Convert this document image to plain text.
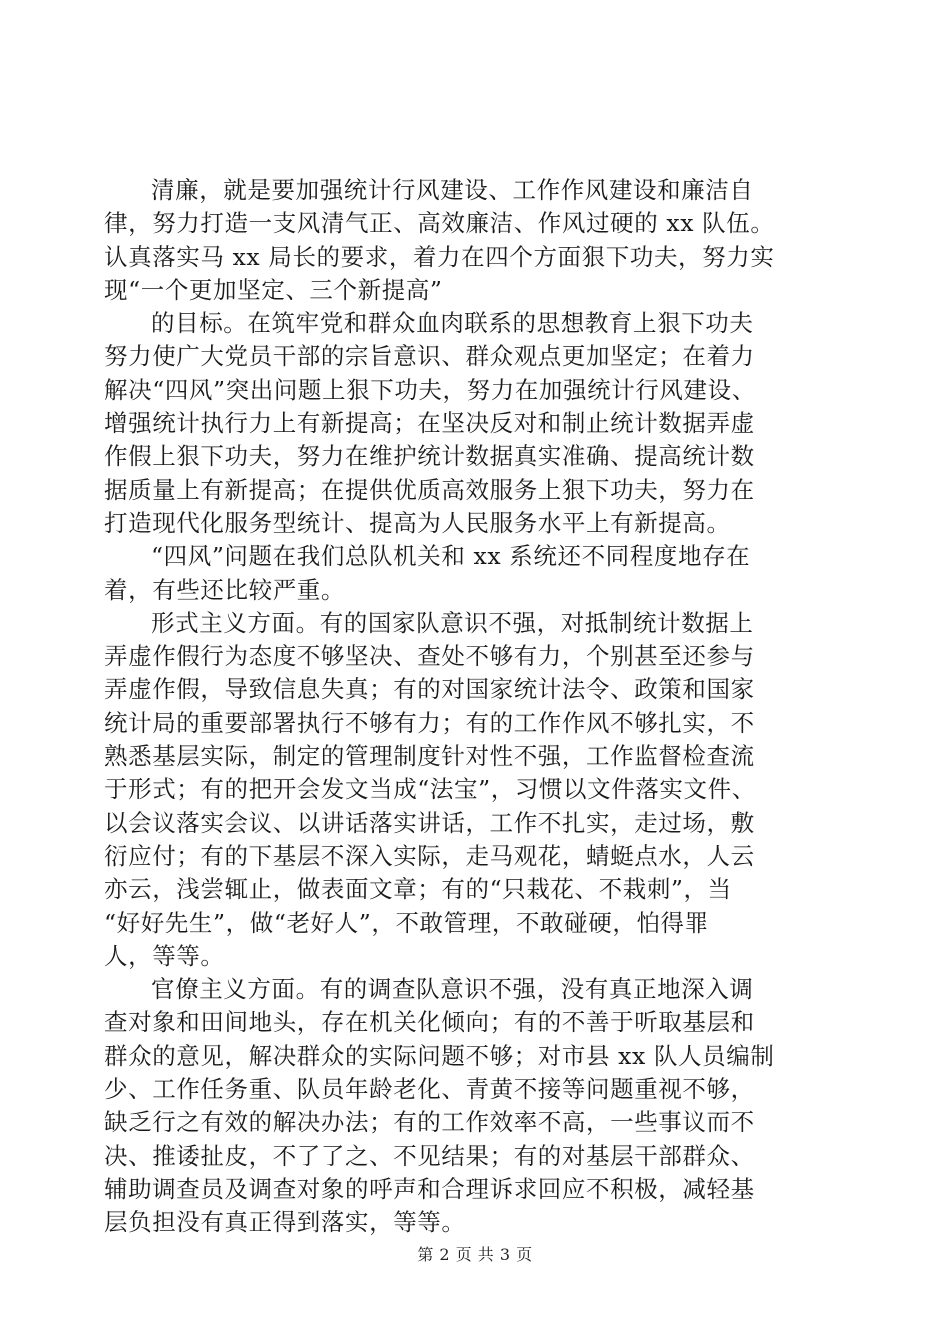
清廉，就是要加强统计行风建设、工作作风建设和廉洁自
律，努力打造一支风清气正、高效廉洁、作风过硬的 xx 队伍。
认真落实马 xx 局长的要求，着力在四个方面狠下功夫，努力实
现“一个更加坚定、三个新提高”
的目标。在筑牢党和群众血肉联系的思想教育上狠下功夫
努力使广大党员干部的宗旨意识、群众观点更加坚定；在着力
解决“四风”突出问题上狠下功夫，努力在加强统计行风建设、
增强统计执行力上有新提高；在坚决反对和制止统计数据弄虚
作假上狠下功夫，努力在维护统计数据真实准确、提高统计数
据质量上有新提高；在提供优质高效服务上狠下功夫，努力在
打造现代化服务型统计、提高为人民服务水平上有新提高。
“四风”问题在我们总队机关和 xx 系统还不同程度地存在
着，有些还比较严重。
形式主义方面。有的国家队意识不强，对抵制统计数据上
弄虚作假行为态度不够坚决、查处不够有力，个别甚至还参与
弄虚作假，导致信息失真；有的对国家统计法令、政策和国家
统计局的重要部署执行不够有力；有的工作作风不够扎实，不
熟悉基层实际，制定的管理制度针对性不强，工作监督检查流
于形式；有的把开会发文当成“法宝”，习惯以文件落实文件、
以会议落实会议、以讲话落实讲话，工作不扎实，走过场，敷
衍应付；有的下基层不深入实际，走马观花，蜻蜓点水，人云
亦云，浅尝辄止，做表面文章；有的“只栽花、不栽刺”，当
“好好先生”，做“老好人”，不敢管理，不敢碰硬，怕得罪
人，等等。
官僚主义方面。有的调查队意识不强，没有真正地深入调
查对象和田间地头，存在机关化倾向；有的不善于听取基层和
群众的意见，解决群众的实际问题不够；对市县 xx 队人员编制
少、工作任务重、队员年龄老化、青黄不接等问题重视不够，
缺乏行之有效的解决办法；有的工作效率不高，一些事议而不
决、推诿扯皮，不了了之、不见结果；有的对基层干部群众、
辅助调查员及调查对象的呼声和合理诉求回应不积极，减轻基
层负担没有真正得到落实，等等。
第 2 页 共 3 页
